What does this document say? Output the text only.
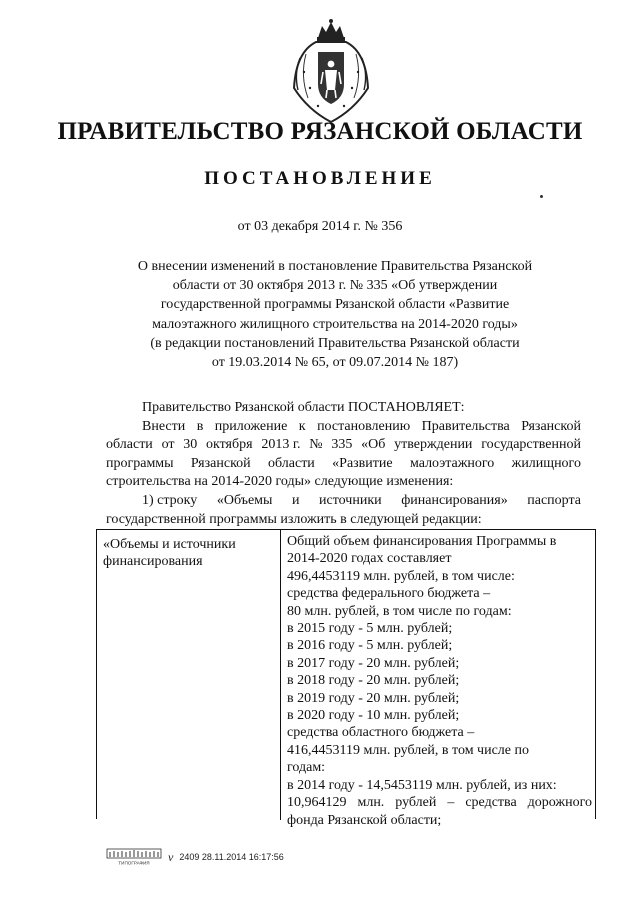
ПРАВИТЕЛЬСТВО РЯЗАНСКОЙ ОБЛАСТИ
ПОСТАНОВЛЕНИЕ
от 03 декабря 2014 г. № 356
О внесении изменений в постановление Правительства Рязанской
области от 30 октября 2013 г. № 335 «Об утверждении
государственной программы Рязанской области «Развитие
малоэтажного жилищного строительства на 2014-2020 годы»
(в редакции постановлений Правительства Рязанской области
от 19.03.2014 № 65, от 09.07.2014 № 187)
Правительство Рязанской области ПОСТАНОВЛЯЕТ:
Внести в приложение к постановлению Правительства Рязанской
области от 30 октября 2013 г. № 335 «Об утверждении государственной
программы Рязанской области «Развитие малоэтажного жилищного
строительства на 2014-2020 годы» следующие изменения:
1) строку «Объемы и источники финансирования» паспорта
государственной программы изложить в следующей редакции:
«Объемы и источники
финансирования
Общий объем финансирования Программы в
2014-2020 годах составляет
496,4453119 млн. рублей, в том числе:
средства федерального бюджета –
80 млн. рублей, в том числе по годам:
в 2015 году - 5 млн. рублей;
в 2016 году - 5 млн. рублей;
в 2017 году - 20 млн. рублей;
в 2018 году - 20 млн. рублей;
в 2019 году - 20 млн. рублей;
в 2020 году - 10 млн. рублей;
средства областного бюджета –
416,4453119 млн. рублей, в том числе по
годам:
в 2014 году - 14,5453119 млн. рублей, из них:
10,964129 млн. рублей – средства дорожного
фонда Рязанской области;
ТИПОГРАФИЯ ν 2409 28.11.2014 16:17:56
